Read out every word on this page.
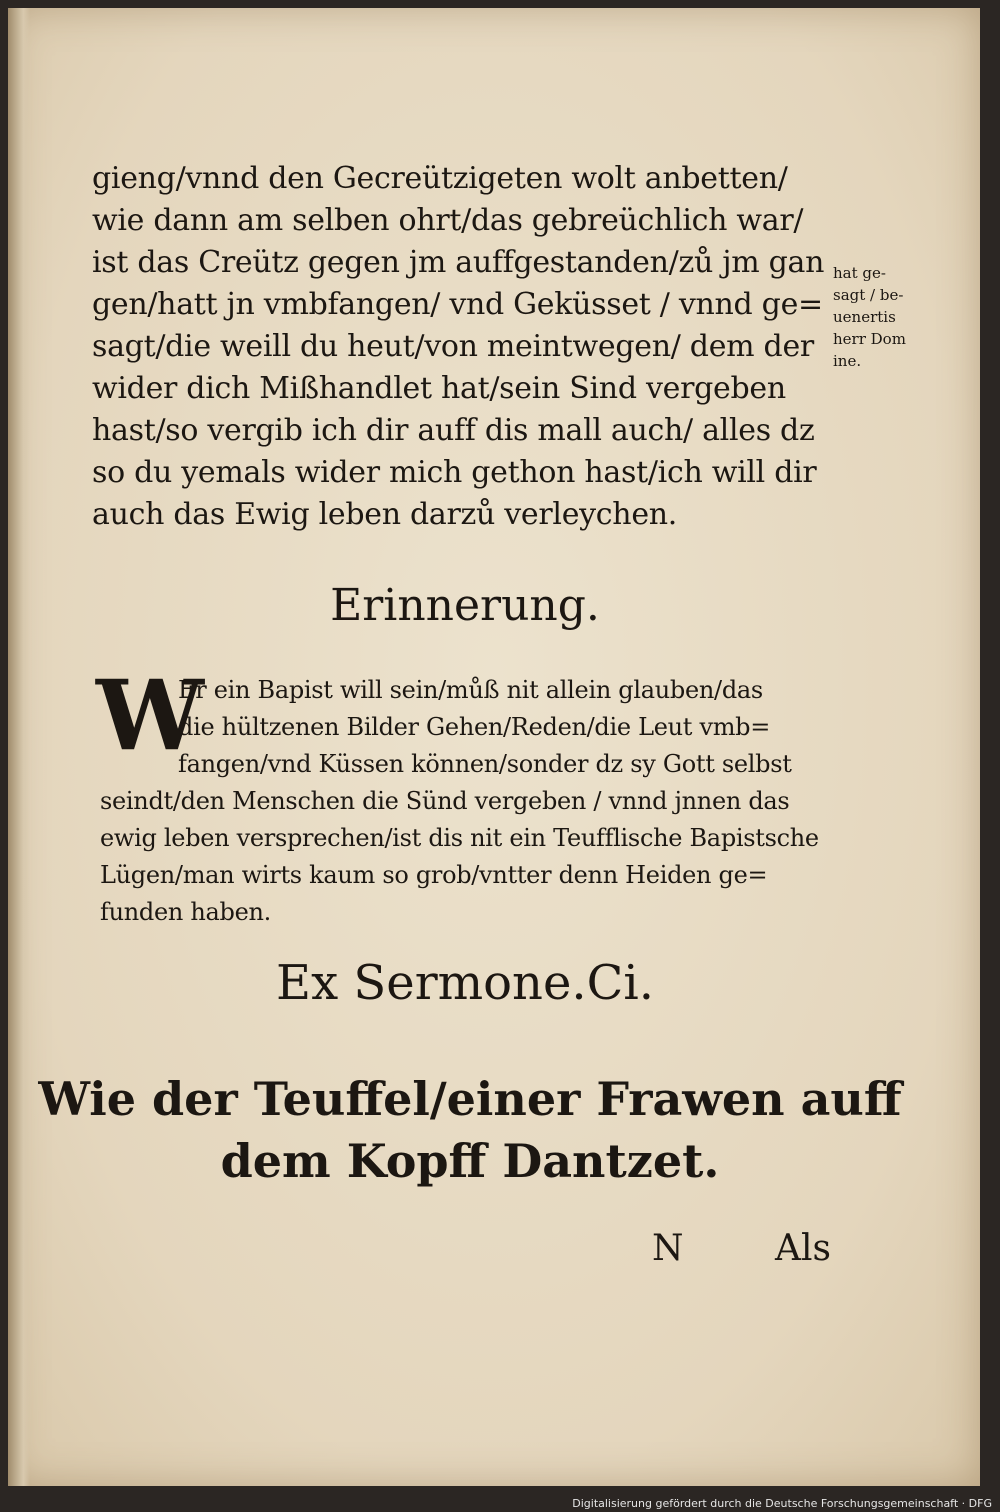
gieng/vnnd den Gecreützigeten wolt anbetten/
wie dann am selben ohrt/das gebreüchlich war/
ist das Creütz gegen jm auffgestanden/zů jm gan
gen/hatt jn vmbfangen/ vnd Geküsset / vnnd ge=
sagt/die weill du heut/von meintwegen/ dem der
wider dich Mißhandlet hat/sein Sind vergeben
hast/so vergib ich dir auff dis mall auch/ alles dz
so du yemals wider mich gethon hast/ich will dir
auch das Ewig leben darzů verleychen.
hat ge-
sagt / be-
uenertis
herr Dom
ine.
Erinnerung.
W
Er ein Bapist will sein/můß nit allein glauben/das
die hültzenen Bilder Gehen/Reden/die Leut vmb=
fangen/vnd Küssen können/sonder dz sy Gott selbst
seindt/den Menschen die Sünd vergeben / vnnd jnnen das
ewig leben versprechen/ist dis nit ein Teufflische Bapistsche
Lügen/man wirts kaum so grob/vntter denn Heiden ge=
funden haben.
Ex Sermone.Ci.
Wie der Teuffel/einer Frawen auff
dem Kopff Dantzet.
N	Als
Digitalisierung gefördert durch die Deutsche Forschungsgemeinschaft · DFG
